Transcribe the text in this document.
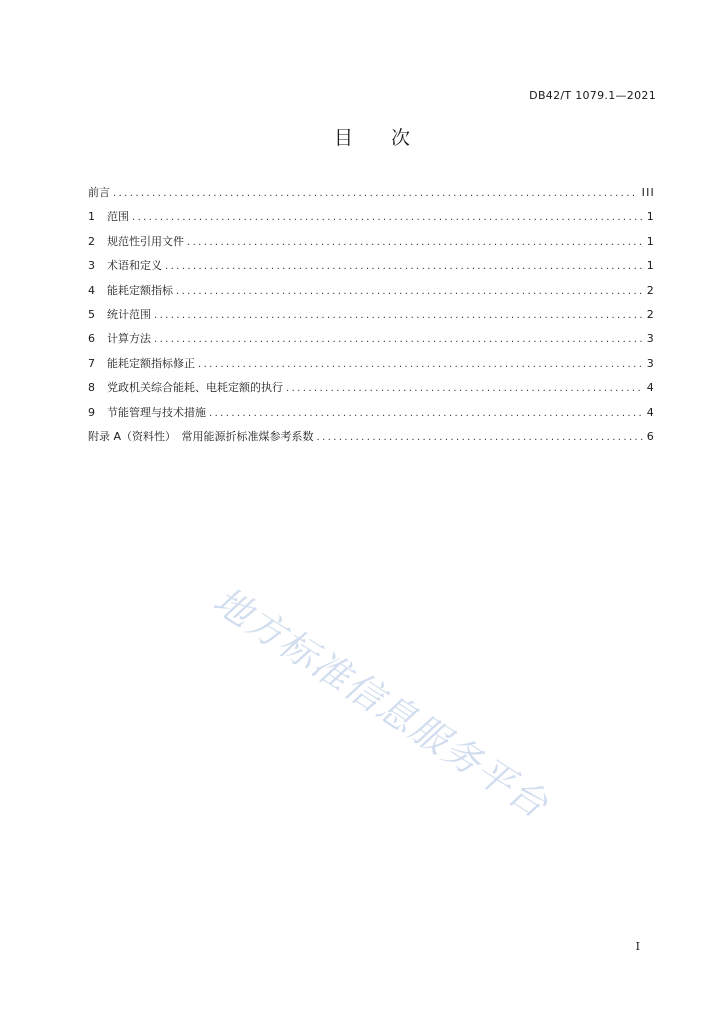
DB42/T 1079.1—2021
目 次
前言 .....	III
1	范围 .....	1
2	规范性引用文件 .....	1
3	术语和定义 .....	1
4	能耗定额指标 .....	2
5	统计范围 .....	2
6	计算方法 .....	3
7	能耗定额指标修正 .....	3
8	党政机关综合能耗、电耗定额的执行 .....	4
9	节能管理与技术措施 .....	4
附录 A（资料性）　常用能源折标准煤参考系数 .....	6
地方标准信息服务平台
I
